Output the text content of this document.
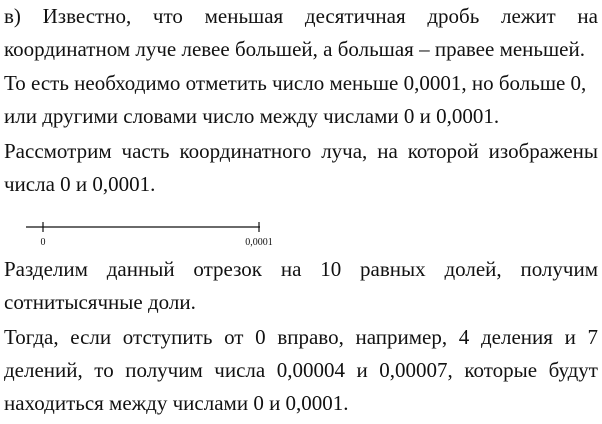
в) Известно, что меньшая десятичная дробь лежит на
координатном луче левее большей, а большая – правее меньшей.
То есть необходимо отметить число меньше 0,0001, но больше 0,
или другими словами число между числами 0 и 0,0001.
Рассмотрим часть координатного луча, на которой изображены
числа 0 и 0,0001.
0	0,0001
Разделим данный отрезок на 10 равных долей, получим
сотнитысячные доли.
Тогда, если отступить от 0 вправо, например, 4 деления и 7
делений, то получим числа 0,00004 и 0,00007, которые будут
находиться между числами 0 и 0,0001.
